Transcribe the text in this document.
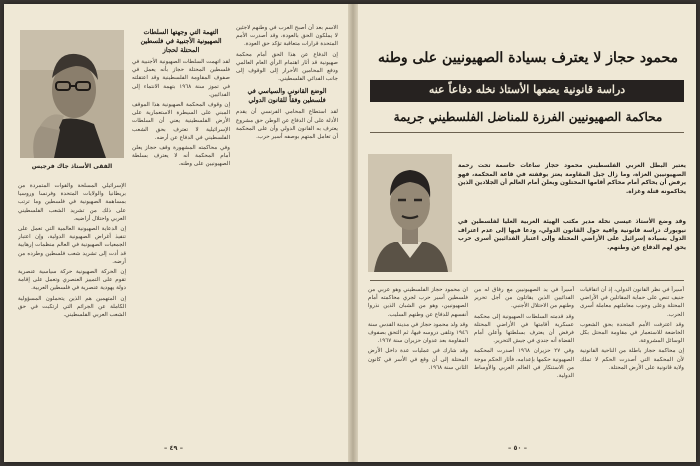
الفقى الأستاذ جاك فرجيس

الإسرائيلي المسلحة والقوات المتمردة من بريطانيا والولايات المتحدة وفرنسا وروسيا بمساهمة الصهيونية في فلسطين وما ترتب على ذلك من تشريد الشعب الفلسطيني العربي واحتلال أراضيه.

إن الدعاية الصهيونية العالمية التي تعمل على تنفيذ أغراض الصهيونية الدولية، وإن اعتبار الجمعيات الصهيونية في العالم منظمات إرهابية قد أدت إلى تشريد شعب فلسطين وطرده من أرضه.

إن الحركة الصهيونية حركة سياسية عنصرية تقوم على التمييز العنصري وتعمل على إقامة دولة يهودية عنصرية في فلسطين العربية.

إن المتهمين هم الذين يتحملون المسؤولية الكاملة عن الجرائم التي ارتكبت في حق الشعب العربي الفلسطيني.

التهمة التي وجهتها السلطات الصهيونية الأجنبية في فلسطين المحتلة لحجاز

لقد اتهمت السلطات الصهيونية الأجنبية في فلسطين المحتلة حجاز بأنه يعمل في صفوف المقاومة الفلسطينية وقد اعتقلته في تموز سنة ١٩٦٨ بتهمة الانتماء إلى الفدائيين.

إن وقوف المحكمة الصهيونية هذا الموقف المبني على السيطرة الاستعمارية على الأرض الفلسطينية يعني أن السلطات الإسرائيلية لا تعترف بحق الشعب الفلسطيني في الدفاع عن أرضه.

وفي محاكمته المشهورة وقف حجاز يعلن أمام المحكمة أنه لا يعترف بسلطة الصهيونيين على وطنه.

الاسم بعد أن أصبح العرب في وطنهم لاجئين لا يملكون الحق بالعودة، وقد أصدرت الأمم المتحدة قرارات متعاقبة تؤكد حق العودة.

إن الدفاع عن هذا الحق أمام محكمة صهيونية قد أثار اهتمام الرأي العام العالمي ودفع المحامين الأحرار إلى الوقوف إلى جانب الفدائي الفلسطيني.

الوضع القانوني والسياسي في فلسطين وفقاً للقانون الدولي

لقد استطاع المحامي الفرنسي أن يقدم الأدلة على أن الدفاع عن الوطن حق مشروع يعترف به القانون الدولي وأن على المحكمة أن تعامل المتهم بوصفه أسير حرب.

– ٤٩ –
محمود حجاز لا يعترف بسيادة الصهيونيين على وطنه
دراسة قانونية يضعها الأستاذ نخله دفاعاً عنه
محاكمة الصهيونيين الفرزة للمناضل الفلسطيني جريمة
يعتبر البطل العربي الفلسطيني محمود حجاز ساعات حاسمة تحت رحمة الصهيونيين الغزاة، وما زال جيل المقاومة يعتز بوقفته في قاعة المحكمة، فهو يرفض أن يحاكم أمام محاكم أقامها المحتلون ويعلن أمام العالم أن الجلادين الذين يحاكمونه قتلة وغزاة.
وقد وضع الأستاذ عيسى نخلة مدير مكتب الهيئة العربية العليا لفلسطين في نيويورك دراسة قانونية وافية حول القانون الدولي، ودعا فيها إلى عدم اعتراف الدول بسيادة إسرائيل على الأراضي المحتلة وإلى اعتبار الفدائيين أسرى حرب يحق لهم الدفاع عن وطنهم.

ان محمود حجاز الفلسطيني وهو عربي من فلسطين أسير حرب لجري محاكمته أمام الصهيونيين، وهو من الشبان الذين نذروا أنفسهم للدفاع عن وطنهم السليب.

وقد ولد محمود حجاز في مدينة القدس سنة ١٩٤٦ وتلقى دروسه فيها، ثم التحق بصفوف المقاومة بعد عدوان حزيران سنة ١٩٦٧.

وقد شارك في عمليات عدة داخل الأرض المحتلة إلى أن وقع في الأسر في كانون الثاني سنة ١٩٦٨.

أسيراً في يد الصهيونيين مع رفاق له من الفدائيين الذين يقاتلون من أجل تحرير وطنهم من الاحتلال الأجنبي.

وقد قدمته السلطات الصهيونية إلى محكمة عسكرية أقامتها في الأراضي المحتلة فرفض أن يعترف بسلطتها وأعلن أمام القضاة أنه جندي في جيش التحرير.

وفي ٢٧ حزيران ١٩٦٨ أصدرت المحكمة الصهيونية حكمها بإعدامه، فأثار الحكم موجة من الاستنكار في العالم العربي والأوساط الدولية.

أسيراً في نظر القانون الدولي، إذ أن اتفاقيات جنيف تنص على حماية المقاتلين في الأراضي المحتلة وعلى وجوب معاملتهم معاملة أسرى الحرب.

وقد اعترفت الأمم المتحدة بحق الشعوب الخاضعة للاستعمار في مقاومة المحتل بكل الوسائل المشروعة.

إن محاكمة حجاز باطلة من الناحية القانونية لأن المحكمة التي أصدرت الحكم لا تملك ولاية قانونية على الأرض المحتلة.

– ٥٠ –
